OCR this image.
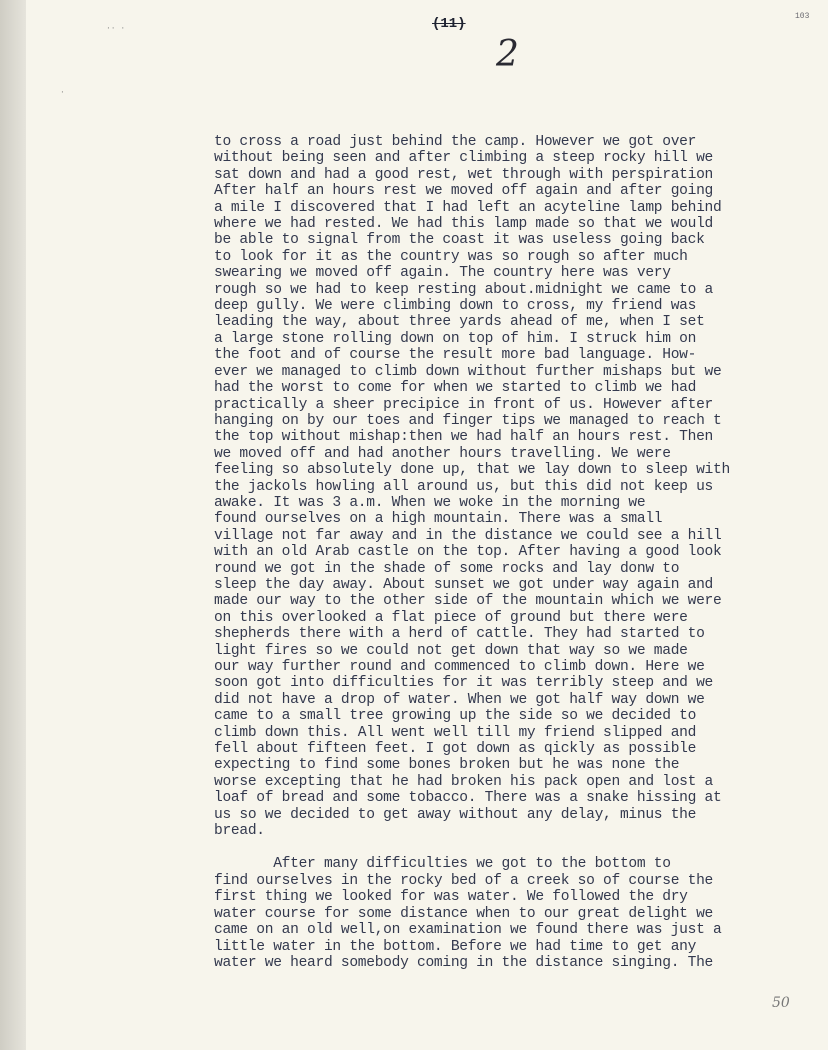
·· ·
·
(11)
2
103
to cross a road just behind the camp. However we got over
without being seen and after climbing a steep rocky hill we
sat down and had a good rest, wet through with perspiration
After half an hours rest we moved off again and after going
a mile I discovered that I had left an acyteline lamp behind
where we had rested. We had this lamp made so that we would
be able to signal from the coast it was useless going back
to look for it as the country was so rough so after much
swearing we moved off again. The country here was very
rough so we had to keep resting about.midnight we came to a
deep gully. We were climbing down to cross, my friend was
leading the way, about three yards ahead of me, when I set
a large stone rolling down on top of him. I struck him on
the foot and of course the result more bad language. How-
ever we managed to climb down without further mishaps but we
had the worst to come for when we started to climb we had
practically a sheer precipice in front of us. However after
hanging on by our toes and finger tips we managed to reach t
the top without mishap:then we had half an hours rest. Then
we moved off and had another hours travelling. We were
feeling so absolutely done up, that we lay down to sleep with
the jackols howling all around us, but this did not keep us
awake. It was 3 a.m. When we woke in the morning we
found ourselves on a high mountain. There was a small
village not far away and in the distance we could see a hill
with an old Arab castle on the top. After having a good look
round we got in the shade of some rocks and lay donw to
sleep the day away. About sunset we got under way again and
made our way to the other side of the mountain which we were
on this overlooked a flat piece of ground but there were
shepherds there with a herd of cattle. They had started to
light fires so we could not get down that way so we made
our way further round and commenced to climb down. Here we
soon got into difficulties for it was terribly steep and we
did not have a drop of water. When we got half way down we
came to a small tree growing up the side so we decided to
climb down this. All went well till my friend slipped and
fell about fifteen feet. I got down as qickly as possible
expecting to find some bones broken but he was none the
worse excepting that he had broken his pack open and lost a
loaf of bread and some tobacco. There was a snake hissing at
us so we decided to get away without any delay, minus the
bread.
After many difficulties we got to the bottom to
find ourselves in the rocky bed of a creek so of course the
first thing we looked for was water. We followed the dry
water course for some distance when to our great delight we
came on an old well,on examination we found there was just a
little water in the bottom. Before we had time to get any
water we heard somebody coming in the distance singing. The
50
